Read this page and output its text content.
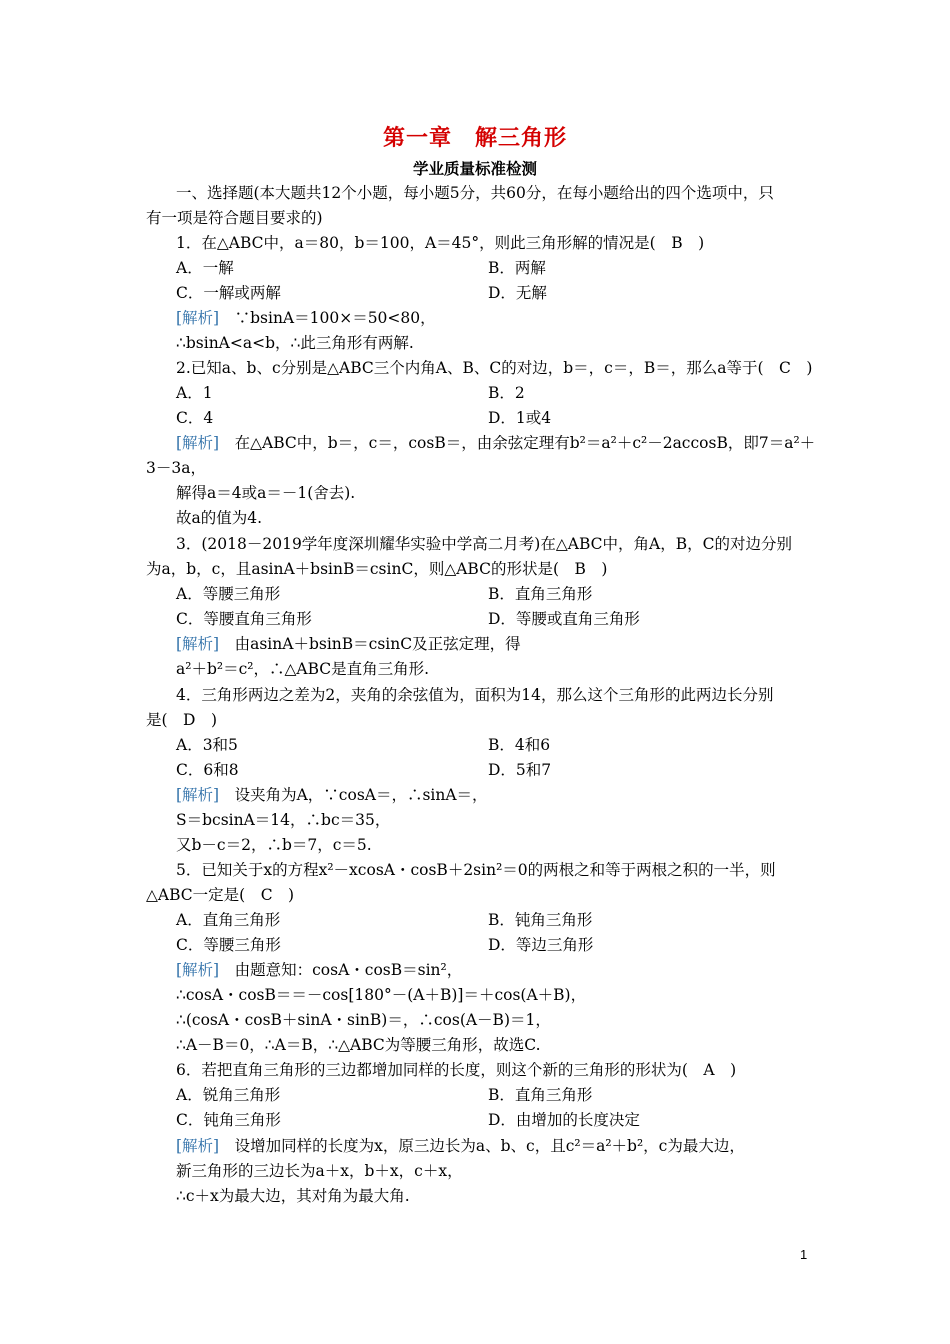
第一章　解三角形
学业质量标准检测
一、选择题(本大题共12个小题，每小题5分，共60分，在每小题给出的四个选项中，只
有一项是符合题目要求的)
1．在△ABC中，a＝80，b＝100，A＝45°，则此三角形解的情况是(　B　)
A．一解	B．两解
C．一解或两解	D．无解
[解析]　∵bsinA＝100×＝50<80，
∴bsinA<a<b，∴此三角形有两解.
2.已知a、b、c分别是△ABC三个内角A、B、C的对边，b＝，c＝，B＝，那么a等于(　C　)
A．1	B．2
C．4	D．1或4
[解析]　在△ABC中，b＝，c＝，cosB＝，由余弦定理有b²＝a²＋c²－2accosB，即7＝a²＋
3－3a，
解得a＝4或a＝－1(舍去).
故a的值为4.
3．(2018－2019学年度深圳耀华实验中学高二月考)在△ABC中，角A，B，C的对边分别
为a，b，c，且asinA＋bsinB＝csinC，则△ABC的形状是(　B　)
A．等腰三角形	B．直角三角形
C．等腰直角三角形	D．等腰或直角三角形
[解析]　由asinA＋bsinB＝csinC及正弦定理，得
a²＋b²＝c²，∴△ABC是直角三角形.
4．三角形两边之差为2，夹角的余弦值为，面积为14，那么这个三角形的此两边长分别
是(　D　)
A．3和5	B．4和6
C．6和8	D．5和7
[解析]　设夹角为A，∵cosA＝，∴sinA＝，
S＝bcsinA＝14，∴bc＝35，
又b－c＝2，∴b＝7，c＝5.
5．已知关于x的方程x²－xcosA・cosB＋2sin²＝0的两根之和等于两根之积的一半，则
△ABC一定是(　C　)
A．直角三角形	B．钝角三角形
C．等腰三角形	D．等边三角形
[解析]　由题意知：cosA・cosB＝sin²，
∴cosA・cosB＝＝－cos[180°－(A＋B)]＝＋cos(A＋B)，
∴(cosA・cosB＋sinA・sinB)＝，∴cos(A－B)＝1，
∴A－B＝0，∴A＝B，∴△ABC为等腰三角形，故选C.
6．若把直角三角形的三边都增加同样的长度，则这个新的三角形的形状为(　A　)
A．锐角三角形	B．直角三角形
C．钝角三角形	D．由增加的长度决定
[解析]　设增加同样的长度为x，原三边长为a、b、c，且c²＝a²＋b²，c为最大边，
新三角形的三边长为a＋x，b＋x，c＋x，
∴c＋x为最大边，其对角为最大角.
1
